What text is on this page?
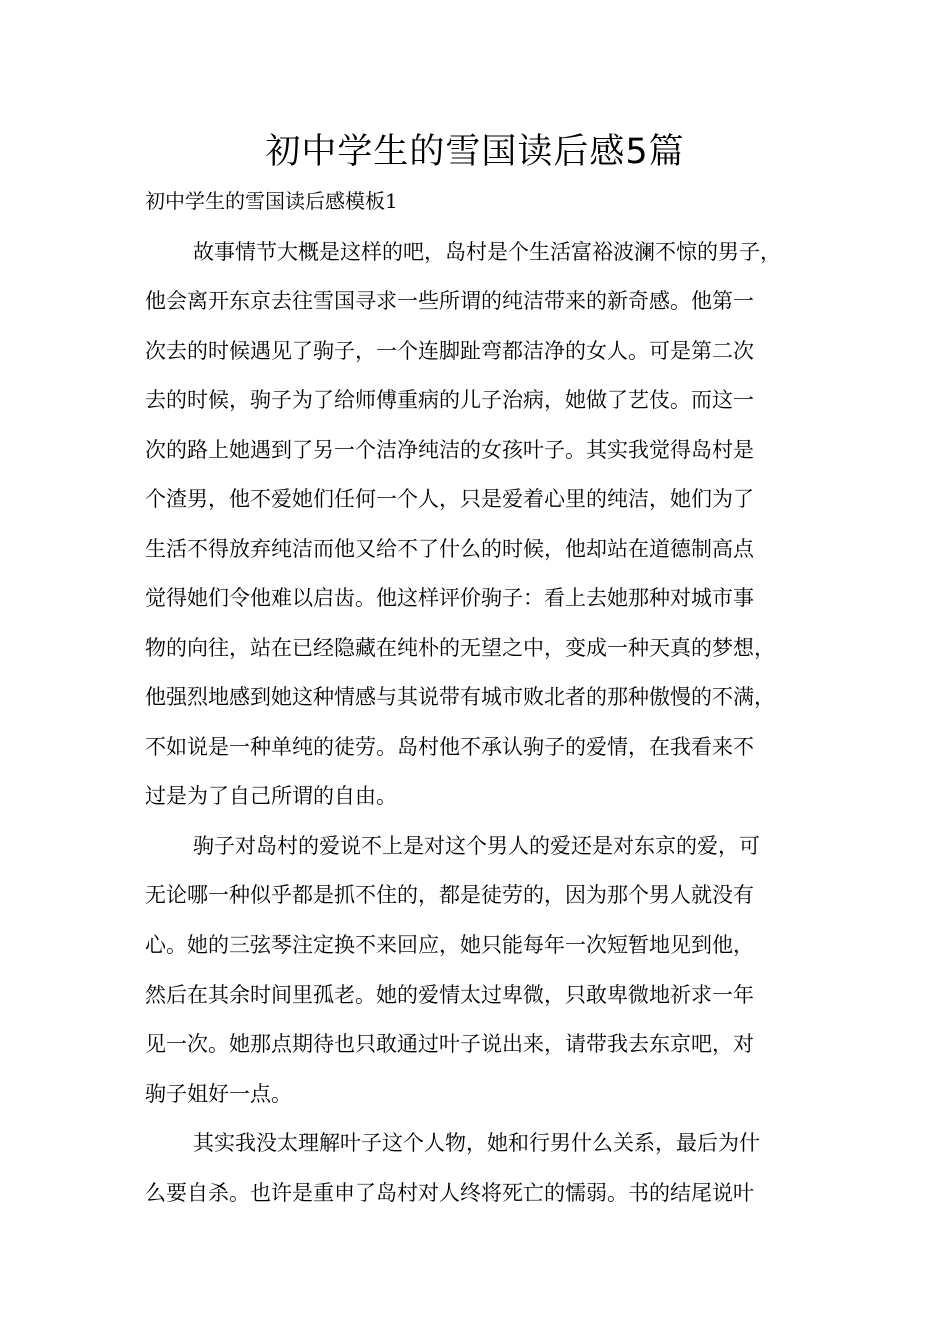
初中学生的雪国读后感5篇

初中学生的雪国读后感模板1

故事情节大概是这样的吧，岛村是个生活富裕波澜不惊的男子，

他会离开东京去往雪国寻求一些所谓的纯洁带来的新奇感。他第一

次去的时候遇见了驹子，一个连脚趾弯都洁净的女人。可是第二次

去的时候，驹子为了给师傅重病的儿子治病，她做了艺伎。而这一

次的路上她遇到了另一个洁净纯洁的女孩叶子。其实我觉得岛村是

个渣男，他不爱她们任何一个人，只是爱着心里的纯洁，她们为了

生活不得放弃纯洁而他又给不了什么的时候，他却站在道德制高点

觉得她们令他难以启齿。他这样评价驹子：看上去她那种对城市事

物的向往，站在已经隐藏在纯朴的无望之中，变成一种天真的梦想，

他强烈地感到她这种情感与其说带有城市败北者的那种傲慢的不满，

不如说是一种单纯的徒劳。岛村他不承认驹子的爱情，在我看来不

过是为了自己所谓的自由。

驹子对岛村的爱说不上是对这个男人的爱还是对东京的爱，可

无论哪一种似乎都是抓不住的，都是徒劳的，因为那个男人就没有

心。她的三弦琴注定换不来回应，她只能每年一次短暂地见到他，

然后在其余时间里孤老。她的爱情太过卑微，只敢卑微地祈求一年

见一次。她那点期待也只敢通过叶子说出来，请带我去东京吧，对

驹子姐好一点。

其实我没太理解叶子这个人物，她和行男什么关系，最后为什

么要自杀。也许是重申了岛村对人终将死亡的懦弱。书的结尾说叶
